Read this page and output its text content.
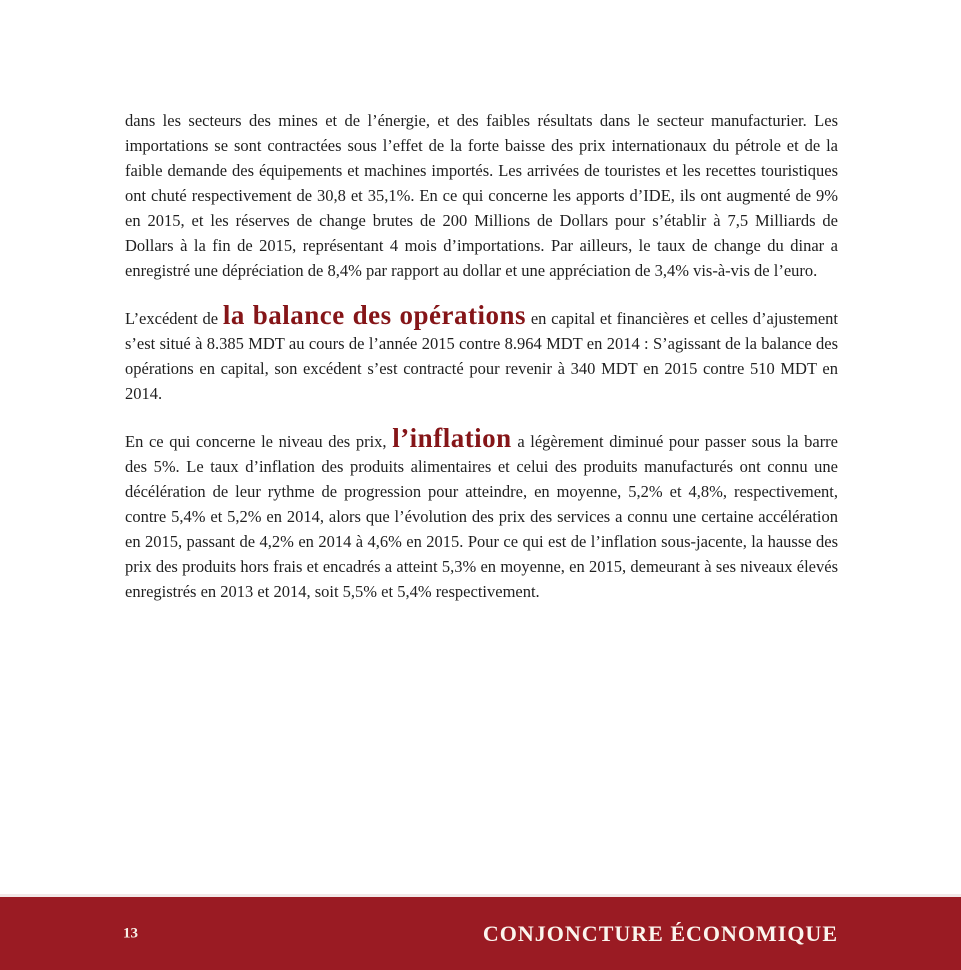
dans les secteurs des mines et de l’énergie, et des faibles résultats dans le secteur manufacturier. Les importations se sont contractées sous l’effet de la forte baisse des prix internationaux du pétrole et de la faible demande des équipements et machines importés. Les arrivées de touristes et les recettes touristiques ont chuté respectivement de 30,8 et 35,1%. En ce qui concerne les apports d’IDE, ils ont augmenté de 9% en 2015, et les réserves de change brutes de 200 Millions de Dollars pour s’établir à 7,5 Milliards de Dollars à la fin de 2015, représentant 4 mois d’importations. Par ailleurs, le taux de change du dinar a enregistré une dépréciation de 8,4% par rapport au dollar et une appréciation de 3,4% vis-à-vis de l’euro.

L’excédent de la balance des opérations en capital et financières et celles d’ajustement s’est situé à 8.385 MDT au cours de l’année 2015 contre 8.964 MDT en 2014 : S’agissant de la balance des opérations en capital, son excédent s’est contracté pour revenir à 340 MDT en 2015 contre 510 MDT en 2014.

En ce qui concerne le niveau des prix, l’inflation a légèrement diminué pour passer sous la barre des 5%. Le taux d’inflation des produits alimentaires et celui des produits manufacturés ont connu une décélération de leur rythme de progression pour atteindre, en moyenne, 5,2% et 4,8%, respectivement, contre 5,4% et 5,2% en 2014, alors que l’évolution des prix des services a connu une certaine accélération en 2015, passant de 4,2% en 2014 à 4,6% en 2015. Pour ce qui est de l’inflation sous-jacente, la hausse des prix des produits hors frais et encadrés a atteint 5,3% en moyenne, en 2015, demeurant à ses niveaux élevés enregistrés en 2013 et 2014, soit 5,5% et 5,4% respectivement.

13	CONJONCTURE ÉCONOMIQUE
